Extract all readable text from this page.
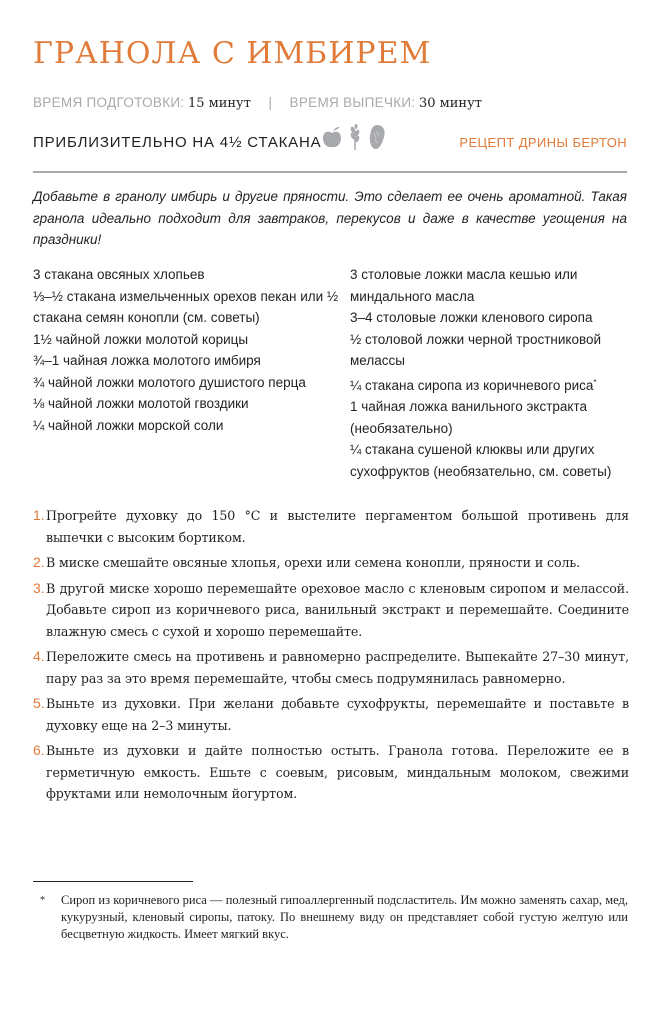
ГРАНОЛА С ИМБИРЕМ
ВРЕМЯ ПОДГОТОВКИ: 15 минут | ВРЕМЯ ВЫПЕЧКИ: 30 минут
ПРИБЛИЗИТЕЛЬНО НА 4½ СТАКАНА	РЕЦЕПТ ДРИНЫ БЕРТОН

Добавьте в гранолу имбирь и другие пряности. Это сделает ее очень ароматной. Такая гранола идеально подходит для завтраков, перекусов и даже в качестве угощения на праздники!

3 стакана овсяных хлопьев
⅓–½ стакана измельченных орехов пекан или ½ стакана семян конопли (см. советы)
1½ чайной ложки молотой корицы
¾–1 чайная ложка молотого имбиря
¾ чайной ложки молотого душистого перца
⅛ чайной ложки молотой гвоздики
¼ чайной ложки морской соли
3 столовые ложки масла кешью или миндального масла
3–4 столовые ложки кленового сиропа
½ столовой ложки черной тростниковой мелассы
¼ стакана сиропа из коричневого риса*
1 чайная ложка ванильного экстракта (необязательно)
¼ стакана сушеной клюквы или других сухофруктов (необязательно, см. советы)
1. Прогрейте духовку до 150 °C и выстелите пергаментом большой противень для выпечки с высоким бортиком.
2. В миске смешайте овсяные хлопья, орехи или семена конопли, пряности и соль.
3. В другой миске хорошо перемешайте ореховое масло с кленовым сиропом и мелассой. Добавьте сироп из коричневого риса, ванильный экстракт и перемешайте. Соедините влажную смесь с сухой и хорошо перемешайте.
4. Переложите смесь на противень и равномерно распределите. Выпекайте 27–30 минут, пару раз за это время перемешайте, чтобы смесь подрумянилась равномерно.
5. Выньте из духовки. При желани добавьте сухофрукты, перемешайте и поставьте в духовку еще на 2–3 минуты.
6. Выньте из духовки и дайте полностью остыть. Гранола готова. Переложите ее в герметичную емкость. Ешьте с соевым, рисовым, миндальным молоком, свежими фруктами или немолочным йогуртом.
*	Сироп из коричневого риса — полезный гипоаллергенный подсластитель. Им можно заменять сахар, мед, кукурузный, кленовый сиропы, патоку. По внешнему виду он представляет собой густую желтую или бесцветную жидкость. Имеет мягкий вкус.
